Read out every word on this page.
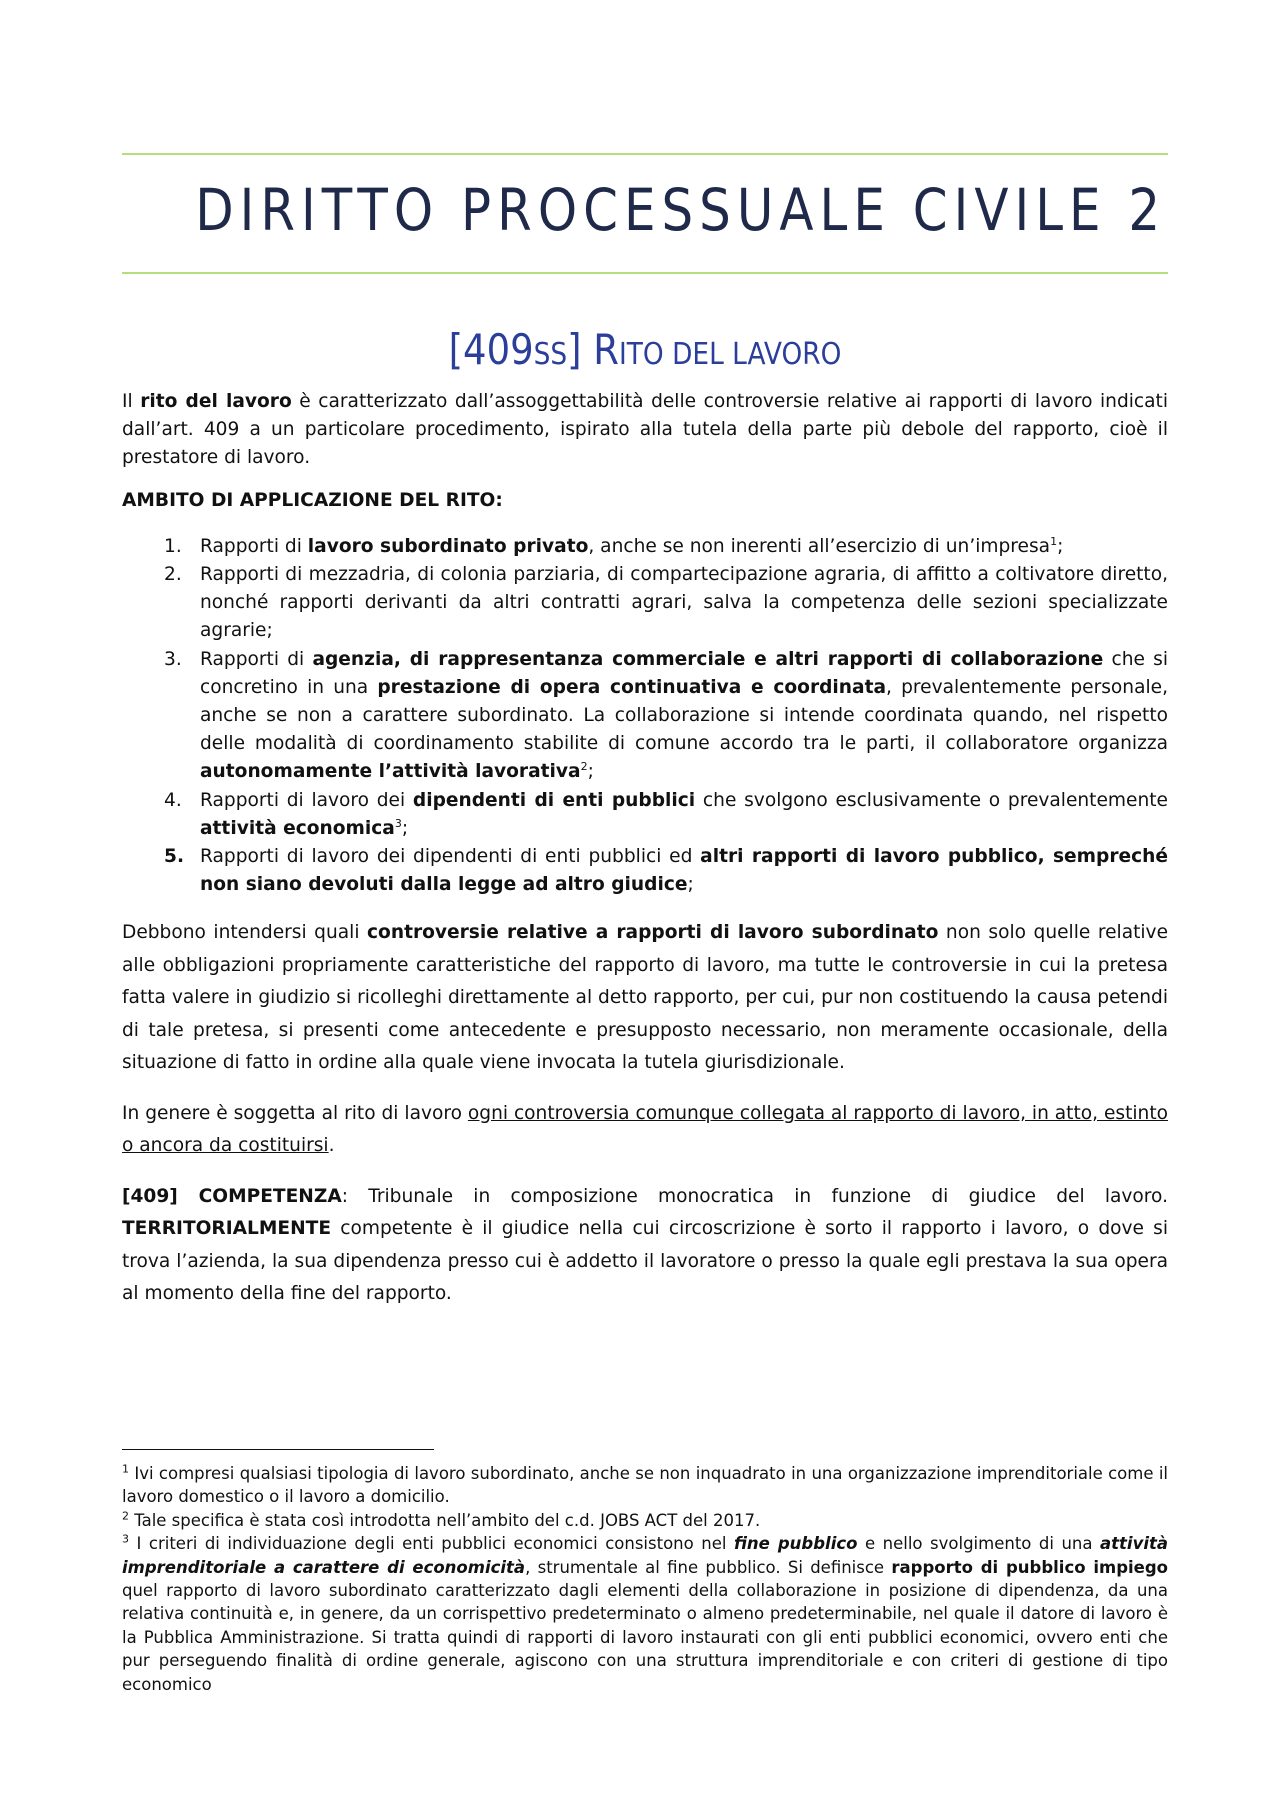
DIRITTO PROCESSUALE CIVILE 2
[409SS] RITO DEL LAVORO

Il rito del lavoro è caratterizzato dall’assoggettabilità delle controversie relative ai rapporti di lavoro indicati dall’art. 409 a un particolare procedimento, ispirato alla tutela della parte più debole del rapporto, cioè il prestatore di lavoro.

AMBITO DI APPLICAZIONE DEL RITO:

1. Rapporti di lavoro subordinato privato, anche se non inerenti all’esercizio di un’impresa$^1$;
2. Rapporti di mezzadria, di colonia parziaria, di compartecipazione agraria, di affitto a coltivatore diretto, nonché rapporti derivanti da altri contratti agrari, salva la competenza delle sezioni specializzate agrarie;
3. Rapporti di agenzia, di rappresentanza commerciale e altri rapporti di collaborazione che si concretino in una prestazione di opera continuativa e coordinata, prevalentemente personale, anche se non a carattere subordinato. La collaborazione si intende coordinata quando, nel rispetto delle modalità di coordinamento stabilite di comune accordo tra le parti, il collaboratore organizza autonomamente l’attività lavorativa$^2$;
4. Rapporti di lavoro dei dipendenti di enti pubblici che svolgono esclusivamente o prevalentemente attività economica$^3$;
5. Rapporti di lavoro dei dipendenti di enti pubblici ed altri rapporti di lavoro pubblico, sempreché non siano devoluti dalla legge ad altro giudice;

Debbono intendersi quali controversie relative a rapporti di lavoro subordinato non solo quelle relative alle obbligazioni propriamente caratteristiche del rapporto di lavoro, ma tutte le controversie in cui la pretesa fatta valere in giudizio si ricolleghi direttamente al detto rapporto, per cui, pur non costituendo la causa petendi di tale pretesa, si presenti come antecedente e presupposto necessario, non meramente occasionale, della situazione di fatto in ordine alla quale viene invocata la tutela giurisdizionale.

In genere è soggetta al rito di lavoro ogni controversia comunque collegata al rapporto di lavoro, in atto, estinto o ancora da costituirsi.

[409] COMPETENZA: Tribunale in composizione monocratica in funzione di giudice del lavoro. TERRITORIALMENTE competente è il giudice nella cui circoscrizione è sorto il rapporto i lavoro, o dove si trova l’azienda, la sua dipendenza presso cui è addetto il lavoratore o presso la quale egli prestava la sua opera al momento della fine del rapporto.

$^1$ Ivi compresi qualsiasi tipologia di lavoro subordinato, anche se non inquadrato in una organizzazione imprenditoriale come il lavoro domestico o il lavoro a domicilio.

$^2$ Tale specifica è stata così introdotta nell’ambito del c.d. JOBS ACT del 2017.

$^3$ I criteri di individuazione degli enti pubblici economici consistono nel fine pubblico e nello svolgimento di una attività imprenditoriale a carattere di economicità, strumentale al fine pubblico. Si definisce rapporto di pubblico impiego quel rapporto di lavoro subordinato caratterizzato dagli elementi della collaborazione in posizione di dipendenza, da una relativa continuità e, in genere, da un corrispettivo predeterminato o almeno predeterminabile, nel quale il datore di lavoro è la Pubblica Amministrazione. Si tratta quindi di rapporti di lavoro instaurati con gli enti pubblici economici, ovvero enti che pur perseguendo finalità di ordine generale, agiscono con una struttura imprenditoriale e con criteri di gestione di tipo economico
